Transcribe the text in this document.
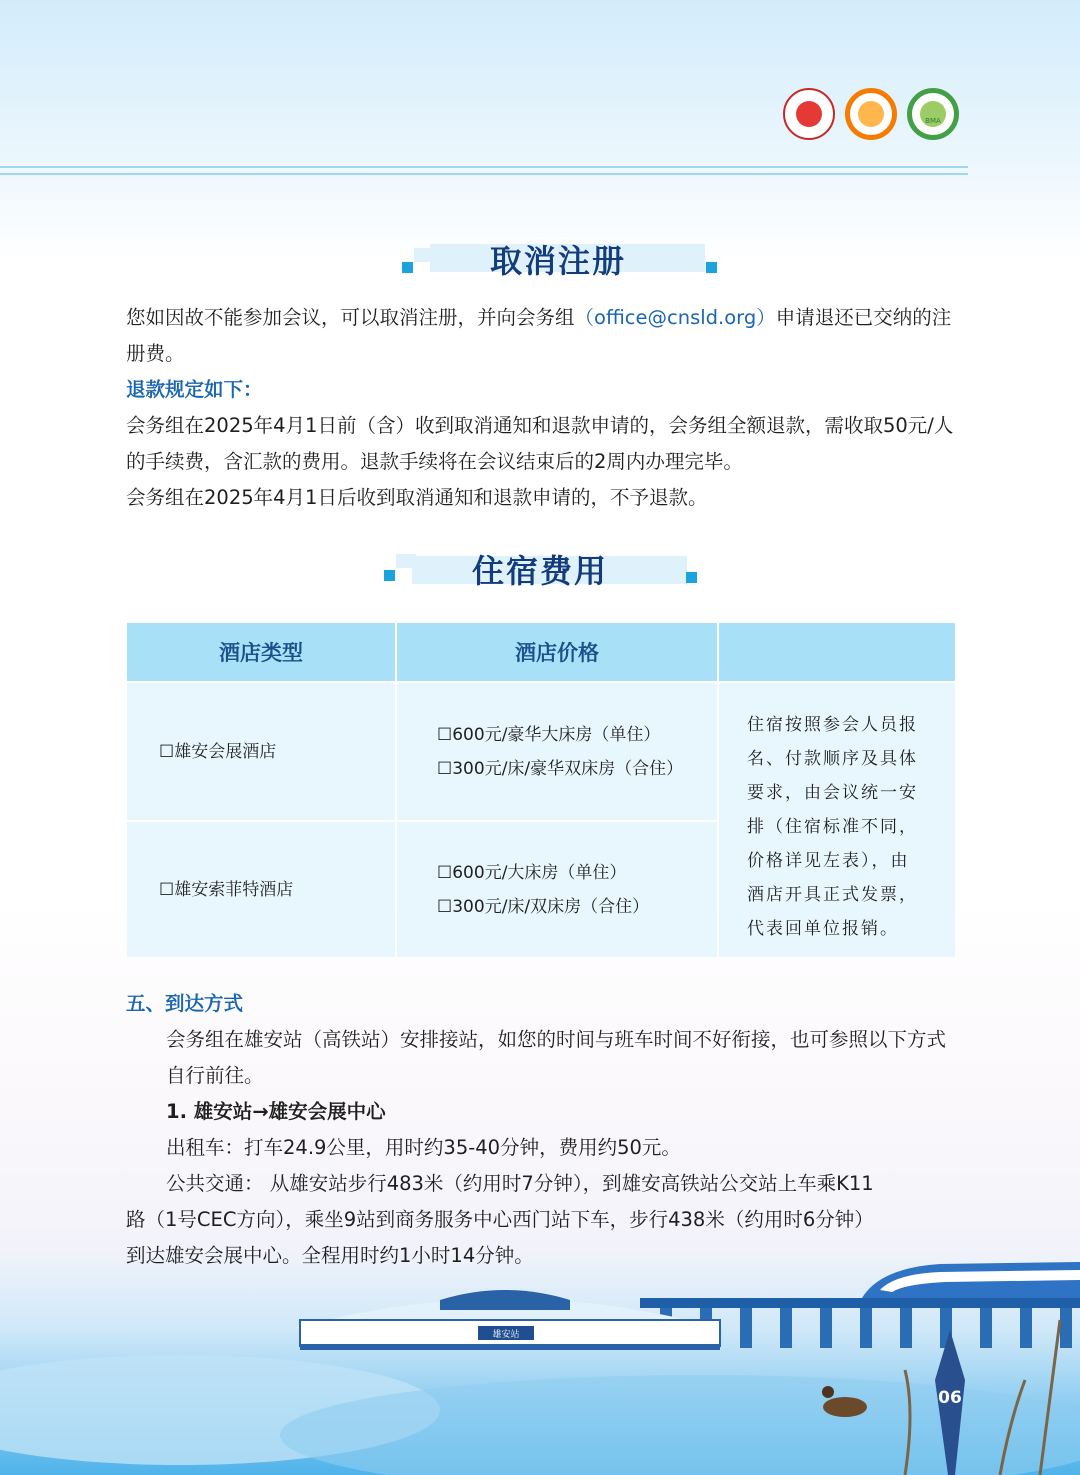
BMA
取消注册

您如因故不能参加会议，可以取消注册，并向会务组（office@cnsld.org）申请退还已交纳的注册费。

退款规定如下：

会务组在2025年4月1日前（含）收到取消通知和退款申请的，会务组全额退款，需收取50元/人的手续费，含汇款的费用。退款手续将在会议结束后的2周内办理完毕。

会务组在2025年4月1日后收到取消通知和退款申请的，不予退款。

住宿费用
酒店类型	酒店价格
☐雄安会展酒店
☐600元/豪华大床房（单住）
☐300元/床/豪华双床房（合住）
☐雄安索菲特酒店
☐600元/大床房（单住）
☐300元/床/双床房（合住）
住宿按照参会人员报
名、付款顺序及具体
要求，由会议统一安
排（住宿标准不同，
价格详见左表），由
酒店开具正式发票，
代表回单位报销。

五、到达方式

会务组在雄安站（高铁站）安排接站，如您的时间与班车时间不好衔接，也可参照以下方式自行前往。

1. 雄安站→雄安会展中心

出租车：打车24.9公里，用时约35-40分钟，费用约50元。

公共交通： 从雄安站步行483米（约用时7分钟），到雄安高铁站公交站上车乘K11

路（1号CEC方向），乘坐9站到商务服务中心西门站下车，步行438米（约用时6分钟）

到达雄安会展中心。全程用时约1小时14分钟。

雄安站
06
